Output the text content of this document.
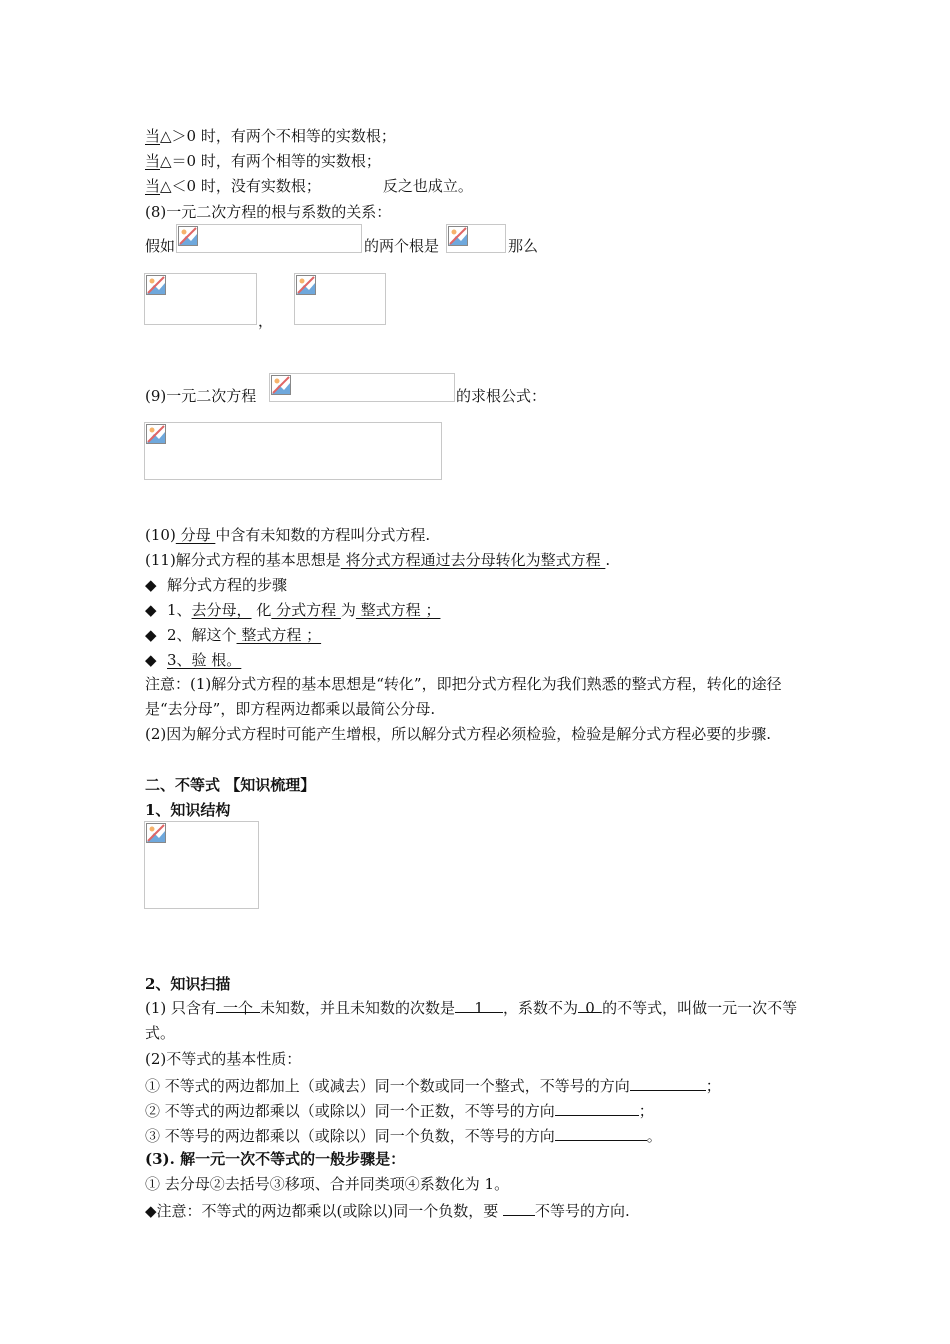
当△＞0 时，有两个不相等的实数根；
当△＝0 时，有两个相等的实数根；
当△＜0 时，没有实数根；	反之也成立。
(8)一元二次方程的根与系数的关系：
假如	的两个根是	那么
，
(9)一元二次方程	的求根公式：
(10) 分母 中含有未知数的方程叫分式方程.
(11)解分式方程的基本思想是 将分式方程通过去分母转化为整式方程 .
◆ 解分式方程的步骤
◆ 1、去分母， 化 分式方程 为 整式方程 ；
◆ 2、解这个 整式方程 ；
◆ 3、验 根。
注意：(1)解分式方程的基本思想是“转化”，即把分式方程化为我们熟悉的整式方程，转化的途径是“去分母”，即方程两边都乘以最简公分母.
(2)因为解分式方程时可能产生增根，所以解分式方程必须检验，检验是解分式方程必要的步骤.
二、不等式 【知识梳理】
1、知识结构
2、知识扫描
(1) 只含有 一个 未知数，并且未知数的次数是 1 ，系数不为 0 的不等式，叫做一元一次不等式。
(2)不等式的基本性质：
① 不等式的两边都加上（或减去）同一个数或同一个整式，不等号的方向	；
② 不等式的两边都乘以（或除以）同一个正数，不等号的方向	；
③ 不等号的两边都乘以（或除以）同一个负数，不等号的方向	。
(3). 解一元一次不等式的一般步骤是：
① 去分母②去括号③移项、合并同类项④系数化为 1。
◆注意：不等式的两边都乘以(或除以)同一个负数，要 不等号的方向.
